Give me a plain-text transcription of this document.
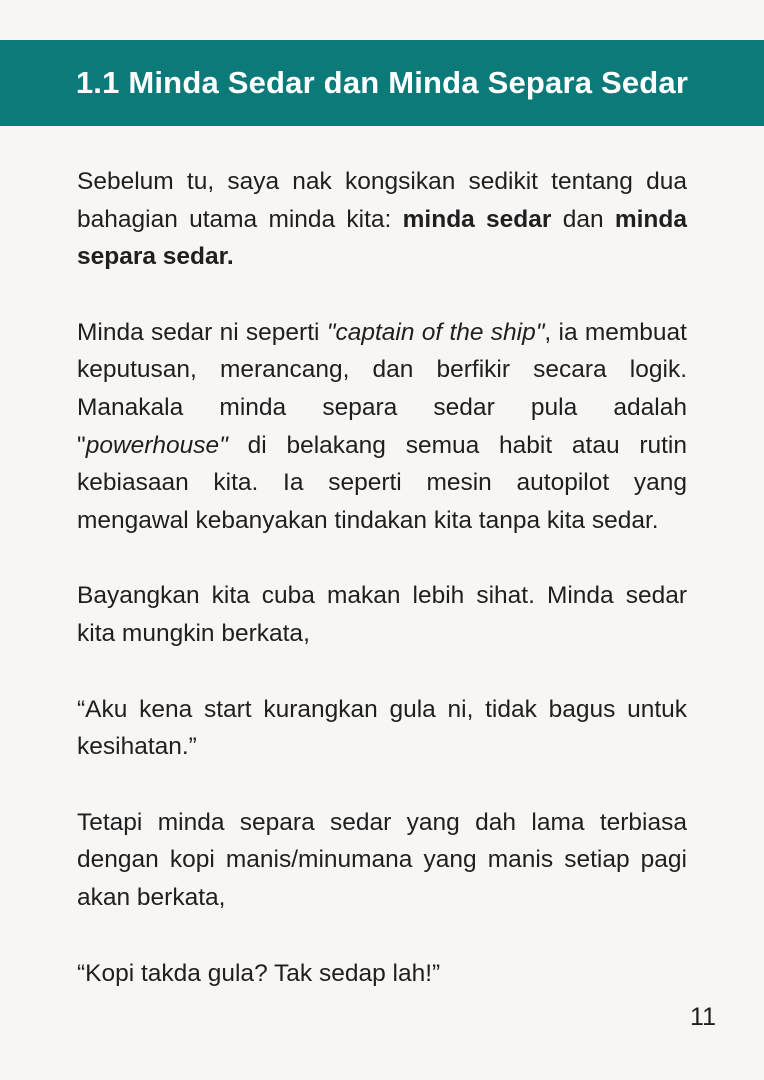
1.1 Minda Sedar dan Minda Separa Sedar

Sebelum tu, saya nak kongsikan sedikit tentang dua bahagian utama minda kita: minda sedar dan minda separa sedar.

Minda sedar ni seperti "captain of the ship", ia membuat keputusan, merancang, dan berfikir secara logik. Manakala minda separa sedar pula adalah "powerhouse" di belakang semua habit atau rutin kebiasaan kita. Ia seperti mesin autopilot yang mengawal kebanyakan tindakan kita tanpa kita sedar.

Bayangkan kita cuba makan lebih sihat. Minda sedar kita mungkin berkata,

“Aku kena start kurangkan gula ni, tidak bagus untuk kesihatan.”

Tetapi minda separa sedar yang dah lama terbiasa dengan kopi manis/minumana yang manis setiap pagi akan berkata,

“Kopi takda gula? Tak sedap lah!”

11
